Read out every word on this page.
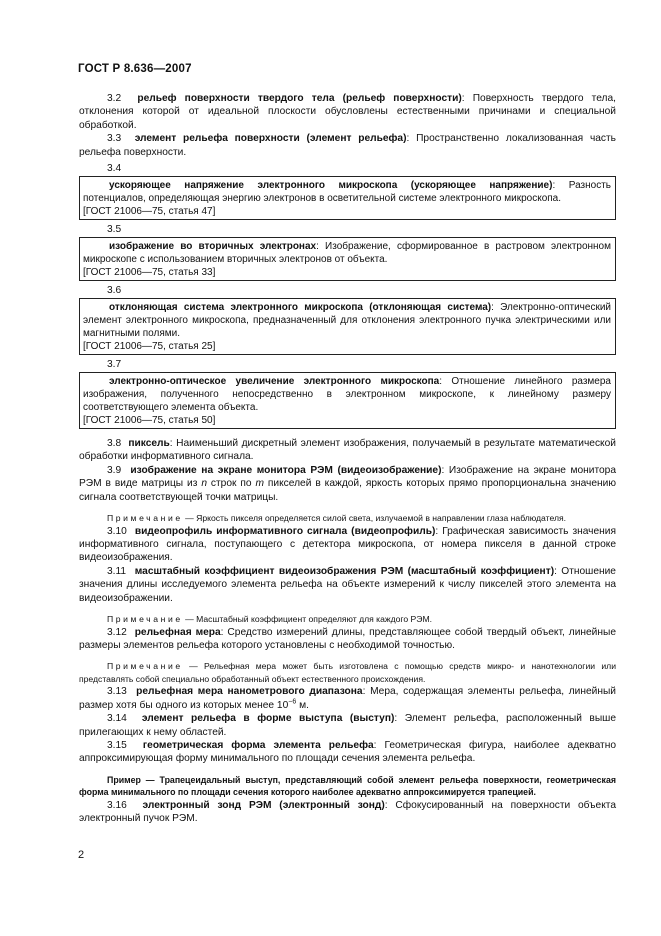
ГОСТ Р 8.636—2007

3.2 рельеф поверхности твердого тела (рельеф поверхности): Поверхность твердого тела, отклонения которой от идеальной плоскости обусловлены естественными причинами и специальной обработкой.

3.3 элемент рельефа поверхности (элемент рельефа): Пространственно локализованная часть рельефа поверхности.

3.4
ускоряющее напряжение электронного микроскопа (ускоряющее напряжение): Разность потенциалов, определяющая энергию электронов в осветительной системе электронного микроскопа.
[ГОСТ 21006—75, статья 47]
3.5
изображение во вторичных электронах: Изображение, сформированное в растровом электронном микроскопе с использованием вторичных электронов от объекта.
[ГОСТ 21006—75, статья 33]
3.6
отклоняющая система электронного микроскопа (отклоняющая система): Электронно-оптический элемент электронного микроскопа, предназначенный для отклонения электронного пучка электрическими или магнитными полями.
[ГОСТ 21006—75, статья 25]
3.7
электронно-оптическое увеличение электронного микроскопа: Отношение линейного размера изображения, полученного непосредственно в электронном микроскопе, к линейному размеру соответствующего элемента объекта.
[ГОСТ 21006—75, статья 50]

3.8 пиксель: Наименьший дискретный элемент изображения, получаемый в результате математической обработки информативного сигнала.

3.9 изображение на экране монитора РЭМ (видеоизображение): Изображение на экране монитора РЭМ в виде матрицы из n строк по m пикселей в каждой, яркость которых прямо пропорциональна значению сигнала соответствующей точки матрицы.

Примечание — Яркость пикселя определяется силой света, излучаемой в направлении глаза наблюдателя.

3.10 видеопрофиль информативного сигнала (видеопрофиль): Графическая зависимость значения информативного сигнала, поступающего с детектора микроскопа, от номера пикселя в данной строке видеоизображения.

3.11 масштабный коэффициент видеоизображения РЭМ (масштабный коэффициент): Отношение значения длины исследуемого элемента рельефа на объекте измерений к числу пикселей этого элемента на видеоизображении.

Примечание — Масштабный коэффициент определяют для каждого РЭМ.

3.12 рельефная мера: Средство измерений длины, представляющее собой твердый объект, линейные размеры элементов рельефа которого установлены с необходимой точностью.

Примечание — Рельефная мера может быть изготовлена с помощью средств микро- и нанотехнологии или представлять собой специально обработанный объект естественного происхождения.

3.13 рельефная мера нанометрового диапазона: Мера, содержащая элементы рельефа, линейный размер хотя бы одного из которых менее $10^{-6}$ м.

3.14 элемент рельефа в форме выступа (выступ): Элемент рельефа, расположенный выше прилегающих к нему областей.

3.15 геометрическая форма элемента рельефа: Геометрическая фигура, наиболее адекватно аппроксимирующая форму минимального по площади сечения элемента рельефа.

Пример — Трапецеидальный выступ, представляющий собой элемент рельефа поверхности, геометрическая форма минимального по площади сечения которого наиболее адекватно аппроксимируется трапецией.

3.16 электронный зонд РЭМ (электронный зонд): Сфокусированный на поверхности объекта электронный пучок РЭМ.

2
